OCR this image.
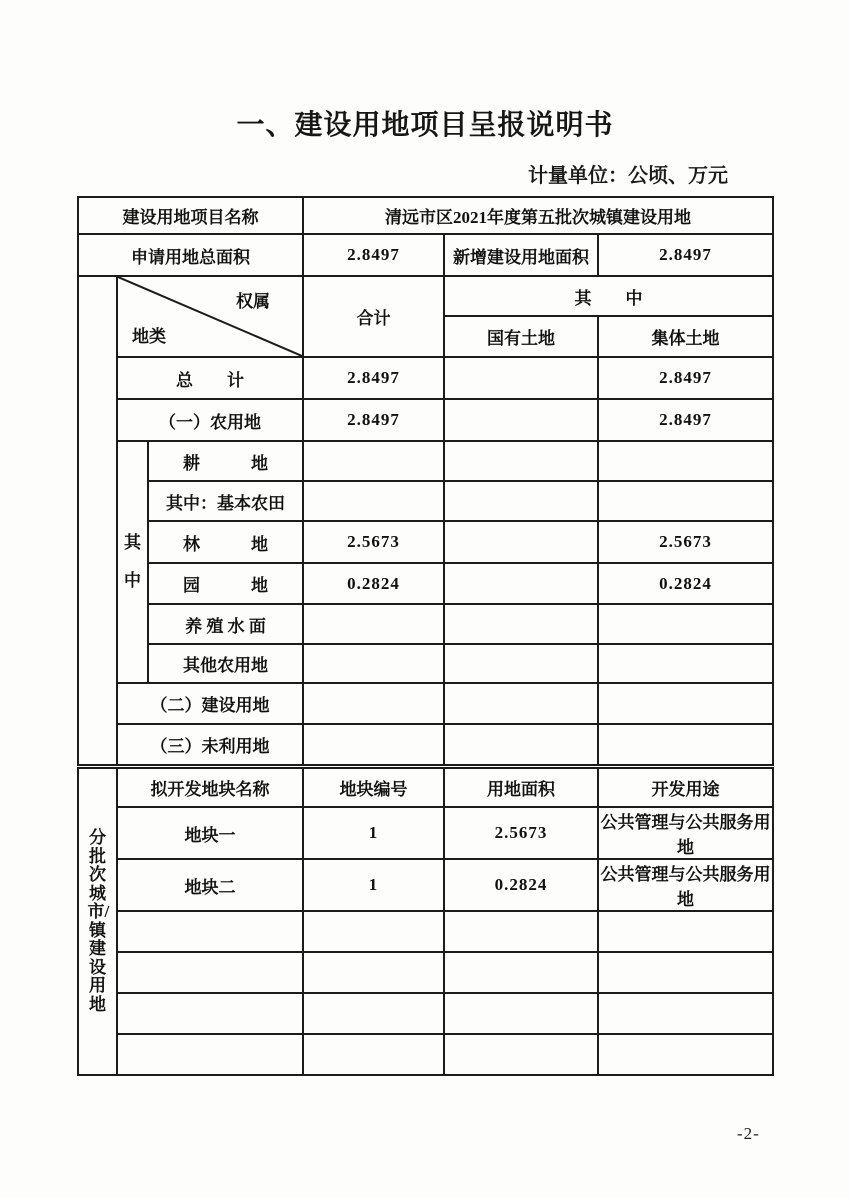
一、建设用地项目呈报说明书
计量单位：公顷、万元
建设用地项目名称			清远市区2021年度第五批次城镇建设用地		
申请用地总面积			2.8497	新增建设用地面积	2.8497

	权属
地类		合计	其　　中	
				国有土地	集体土地
	总　　计		2.8497		2.8497
	（一）农用地		2.8497		2.8497

	其中	耕　　　地			
		其中：基本农田			
		林　　　地	2.5673		2.5673
		园　　　地	0.2824		0.2824
		养 殖 水 面			
		其他农用地			
	（二）建设用地				
	（三）未利用地				
分批次城市/镇建设用地	拟开发地块名称	地块编号	用地面积	开发用途
	地块一	1	2.5673	公共管理与公共服务用地
	地块二	1	0.2824	公共管理与公共服务用地

-2-
